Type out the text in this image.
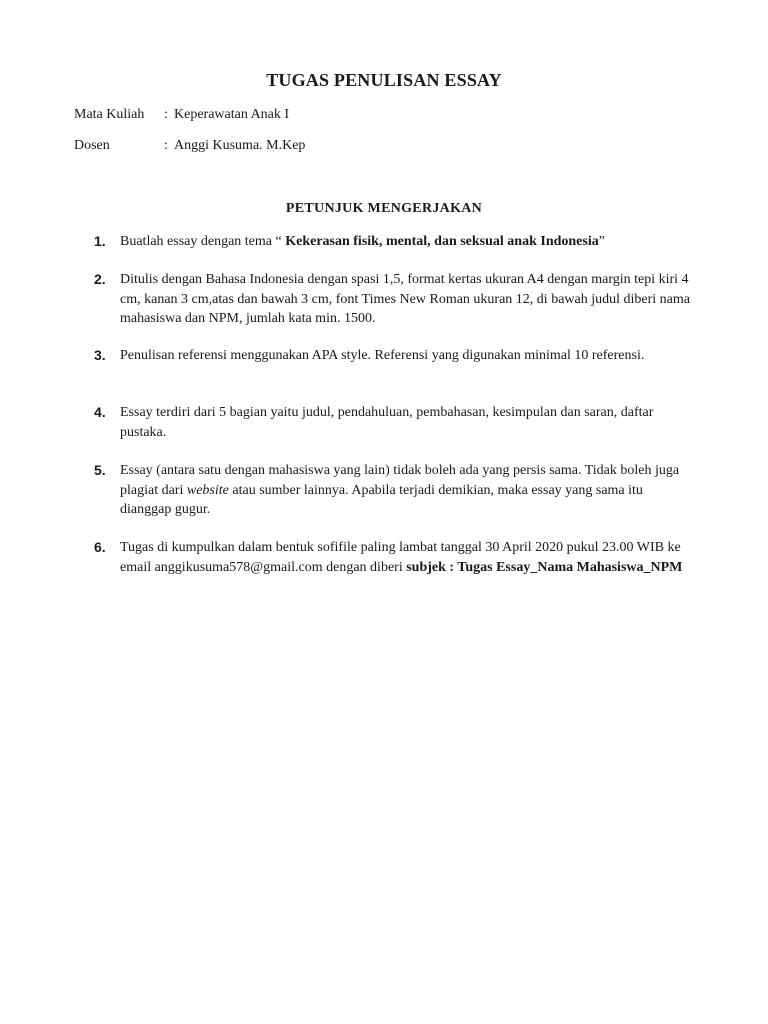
TUGAS PENULISAN ESSAY
Mata Kuliah	: Keperawatan Anak I
Dosen	: Anggi Kusuma. M.Kep
PETUNJUK MENGERJAKAN
1.	Buatlah essay dengan tema “ Kekerasan fisik, mental, dan seksual anak Indonesia”
2.	Ditulis dengan Bahasa Indonesia dengan spasi 1,5, format kertas ukuran A4 dengan margin tepi kiri 4 cm, kanan 3 cm,atas dan bawah 3 cm, font Times New Roman ukuran 12, di bawah judul diberi nama mahasiswa dan NPM, jumlah kata min. 1500.
3.	Penulisan referensi menggunakan APA style. Referensi yang digunakan minimal 10 referensi.
4.	Essay terdiri dari 5 bagian yaitu judul, pendahuluan, pembahasan, kesimpulan dan saran, daftar pustaka.
5.	Essay (antara satu dengan mahasiswa yang lain) tidak boleh ada yang persis sama. Tidak boleh juga plagiat dari website atau sumber lainnya. Apabila terjadi demikian, maka essay yang sama itu dianggap gugur.
6.	Tugas di kumpulkan dalam bentuk sofifile paling lambat tanggal 30 April 2020 pukul 23.00 WIB ke email anggikusuma578@gmail.com dengan diberi subjek : Tugas Essay_Nama Mahasiswa_NPM
